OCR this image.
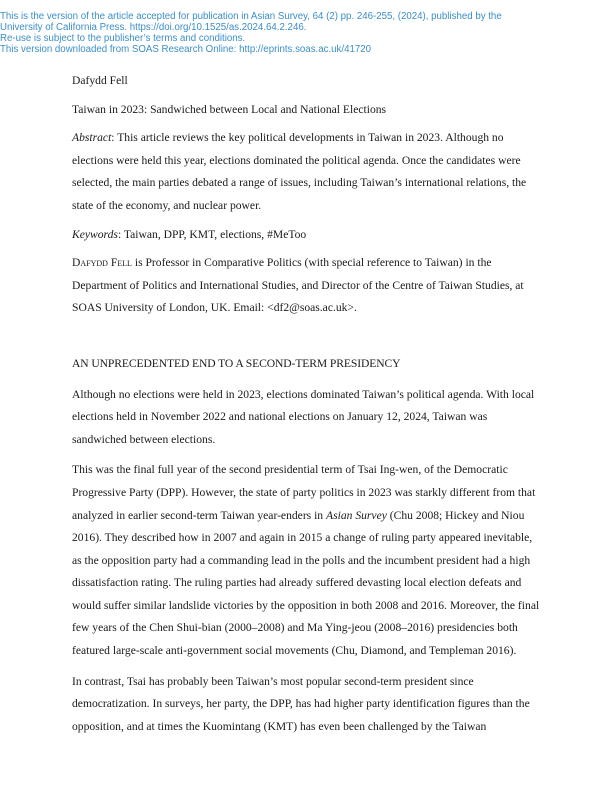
This is the version of the article accepted for publication in Asian Survey, 64 (2) pp. 246-255, (2024), published by the
University of California Press. https://doi.org/10.1525/as.2024.64.2.246.
Re-use is subject to the publisher’s terms and conditions.
This version downloaded from SOAS Research Online: http://eprints.soas.ac.uk/41720

Dafydd Fell

Taiwan in 2023: Sandwiched between Local and National Elections

Abstract: This article reviews the key political developments in Taiwan in 2023. Although no elections were held this year, elections dominated the political agenda. Once the candidates were selected, the main parties debated a range of issues, including Taiwan’s international relations, the state of the economy, and nuclear power.

Keywords: Taiwan, DPP, KMT, elections, #MeToo

Dafydd Fell is Professor in Comparative Politics (with special reference to Taiwan) in the Department of Politics and International Studies, and Director of the Centre of Taiwan Studies, at SOAS University of London, UK. Email: <df2@soas.ac.uk>.

AN UNPRECEDENTED END TO A SECOND-TERM PRESIDENCY

Although no elections were held in 2023, elections dominated Taiwan’s political agenda. With local elections held in November 2022 and national elections on January 12, 2024, Taiwan was sandwiched between elections.

This was the final full year of the second presidential term of Tsai Ing-wen, of the Democratic Progressive Party (DPP). However, the state of party politics in 2023 was starkly different from that analyzed in earlier second-term Taiwan year-enders in Asian Survey (Chu 2008; Hickey and Niou 2016). They described how in 2007 and again in 2015 a change of ruling party appeared inevitable, as the opposition party had a commanding lead in the polls and the incumbent president had a high dissatisfaction rating. The ruling parties had already suffered devasting local election defeats and would suffer similar landslide victories by the opposition in both 2008 and 2016. Moreover, the final few years of the Chen Shui-bian (2000–2008) and Ma Ying-jeou (2008–2016) presidencies both featured large-scale anti-government social movements (Chu, Diamond, and Templeman 2016).

In contrast, Tsai has probably been Taiwan’s most popular second-term president since democratization. In surveys, her party, the DPP, has had higher party identification figures than the opposition, and at times the Kuomintang (KMT) has even been challenged by the Taiwan
